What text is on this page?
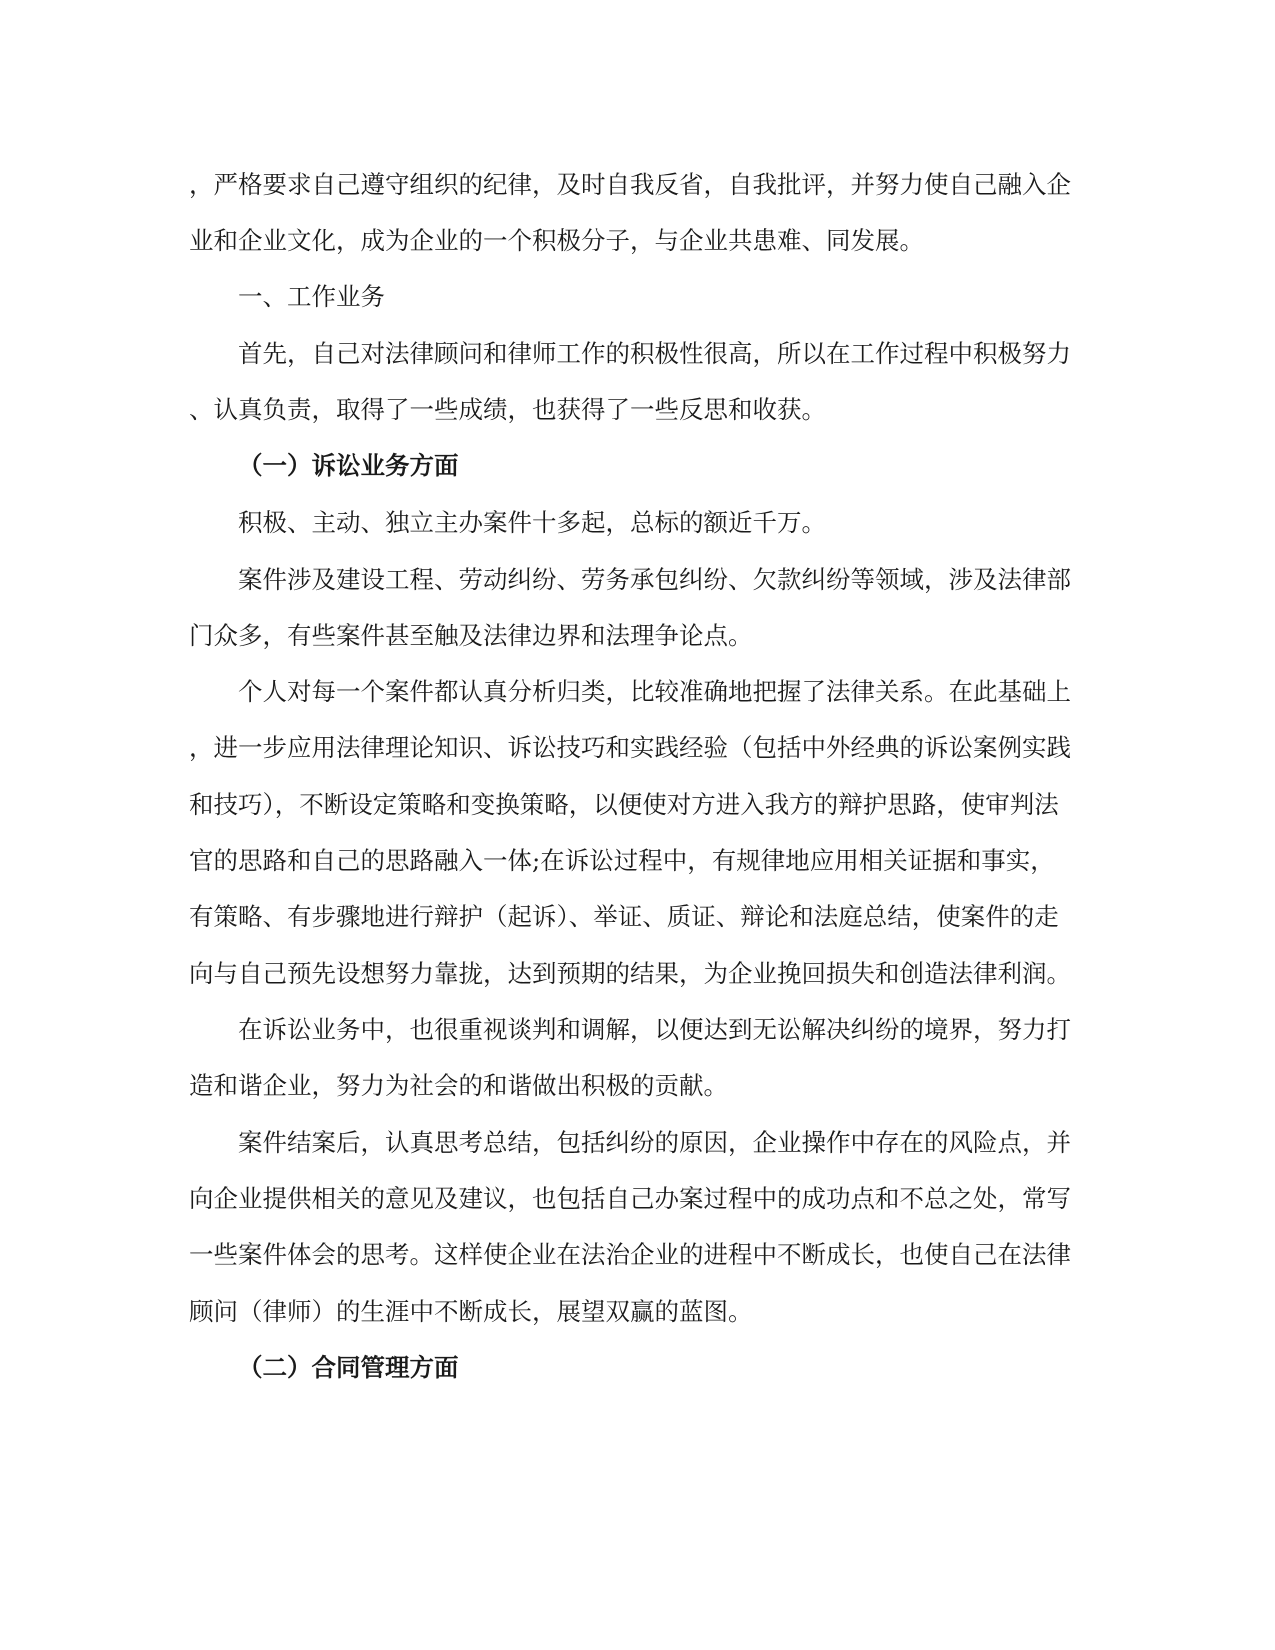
，严格要求自己遵守组织的纪律，及时自我反省，自我批评，并努力使自己融入企
业和企业文化，成为企业的一个积极分子，与企业共患难、同发展。
一、工作业务
首先，自己对法律顾问和律师工作的积极性很高，所以在工作过程中积极努力
、认真负责，取得了一些成绩，也获得了一些反思和收获。
（一）诉讼业务方面
积极、主动、独立主办案件十多起，总标的额近千万。
案件涉及建设工程、劳动纠纷、劳务承包纠纷、欠款纠纷等领域，涉及法律部
门众多，有些案件甚至触及法律边界和法理争论点。
个人对每一个案件都认真分析归类，比较准确地把握了法律关系。在此基础上
，进一步应用法律理论知识、诉讼技巧和实践经验（包括中外经典的诉讼案例实践
和技巧），不断设定策略和变换策略，以便使对方进入我方的辩护思路，使审判法
官的思路和自己的思路融入一体;在诉讼过程中，有规律地应用相关证据和事实，
有策略、有步骤地进行辩护（起诉）、举证、质证、辩论和法庭总结，使案件的走
向与自己预先设想努力靠拢，达到预期的结果，为企业挽回损失和创造法律利润。
在诉讼业务中，也很重视谈判和调解，以便达到无讼解决纠纷的境界，努力打
造和谐企业，努力为社会的和谐做出积极的贡献。
案件结案后，认真思考总结，包括纠纷的原因，企业操作中存在的风险点，并
向企业提供相关的意见及建议，也包括自己办案过程中的成功点和不总之处，常写
一些案件体会的思考。这样使企业在法治企业的进程中不断成长，也使自己在法律
顾问（律师）的生涯中不断成长，展望双赢的蓝图。
（二）合同管理方面
